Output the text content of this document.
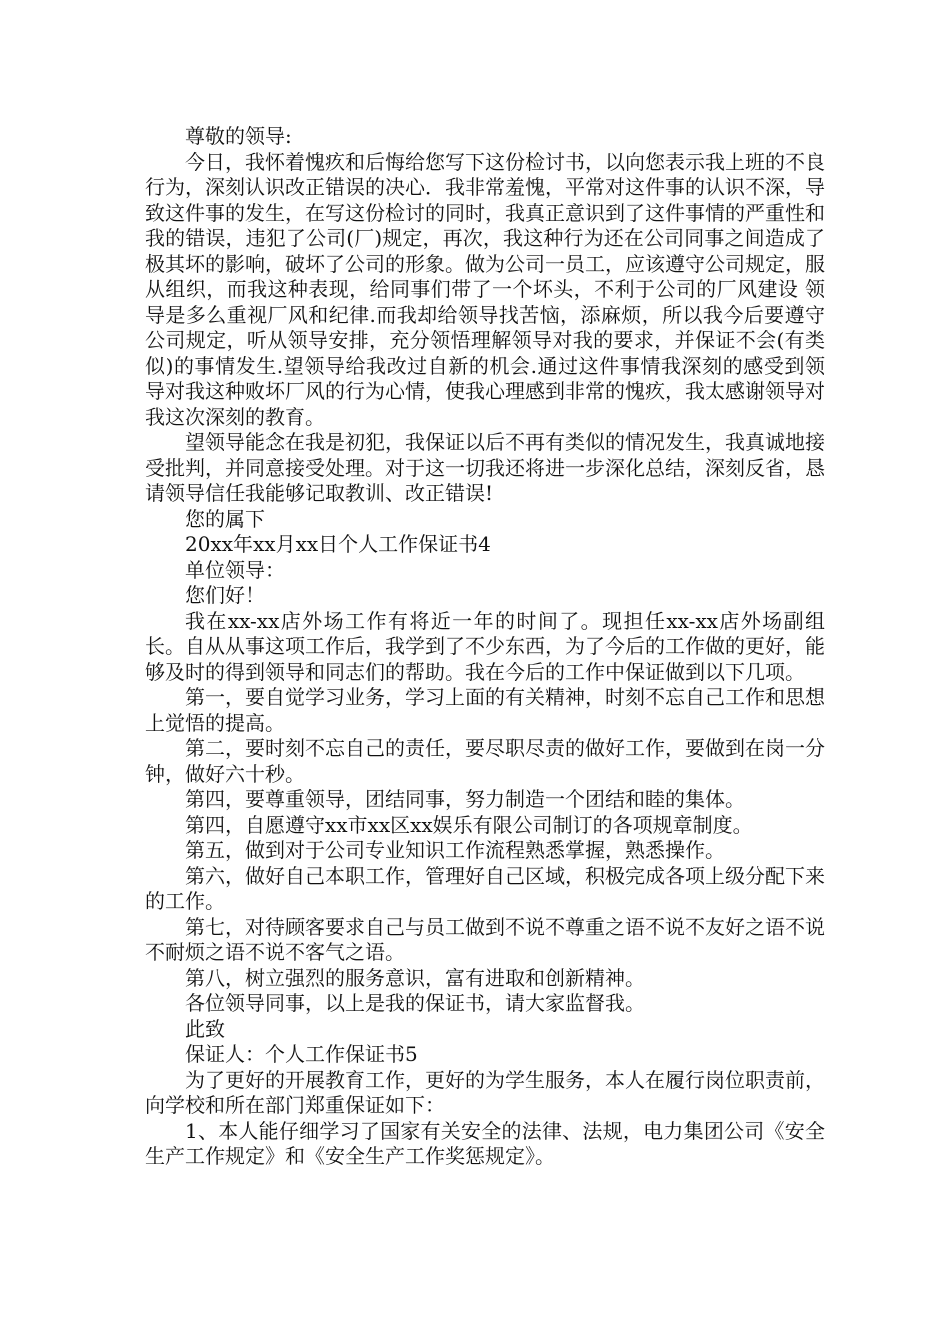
尊敬的领导:

今日，我怀着愧疚和后悔给您写下这份检讨书，以向您表示我上班的不良行为，深刻认识改正错误的决心．我非常羞愧，平常对这件事的认识不深，导致这件事的发生，在写这份检讨的同时，我真正意识到了这件事情的严重性和我的错误，违犯了公司(厂)规定，再次，我这种行为还在公司同事之间造成了极其坏的影响，破坏了公司的形象。做为公司一员工，应该遵守公司规定，服从组织，而我这种表现，给同事们带了一个坏头，不利于公司的厂风建设 领导是多么重视厂风和纪律.而我却给领导找苦恼，添麻烦，所以我今后要遵守公司规定，听从领导安排，充分领悟理解领导对我的要求，并保证不会(有类似)的事情发生.望领导给我改过自新的机会.通过这件事情我深刻的感受到领导对我这种败坏厂风的行为心情，使我心理感到非常的愧疚，我太感谢领导对我这次深刻的教育。

望领导能念在我是初犯，我保证以后不再有类似的情况发生，我真诚地接受批判，并同意接受处理。对于这一切我还将进一步深化总结，深刻反省，恳请领导信任我能够记取教训、改正错误!

您的属下

20xx年xx月xx日个人工作保证书4

单位领导：

您们好！

我在xx-xx店外场工作有将近一年的时间了。现担任xx-xx店外场副组长。自从从事这项工作后，我学到了不少东西，为了今后的工作做的更好，能够及时的得到领导和同志们的帮助。我在今后的工作中保证做到以下几项。

第一，要自觉学习业务，学习上面的有关精神，时刻不忘自己工作和思想上觉悟的提高。

第二，要时刻不忘自己的责任，要尽职尽责的做好工作，要做到在岗一分钟，做好六十秒。

第四，要尊重领导，团结同事，努力制造一个团结和睦的集体。

第四，自愿遵守xx市xx区xx娱乐有限公司制订的各项规章制度。

第五，做到对于公司专业知识工作流程熟悉掌握，熟悉操作。

第六，做好自己本职工作，管理好自己区域，积极完成各项上级分配下来的工作。

第七，对待顾客要求自己与员工做到不说不尊重之语不说不友好之语不说不耐烦之语不说不客气之语。

第八，树立强烈的服务意识，富有进取和创新精神。

各位领导同事，以上是我的保证书，请大家监督我。

此致

保证人：个人工作保证书5

为了更好的开展教育工作，更好的为学生服务，本人在履行岗位职责前，向学校和所在部门郑重保证如下：

1、本人能仔细学习了国家有关安全的法律、法规，电力集团公司《安全生产工作规定》和《安全生产工作奖惩规定》。
